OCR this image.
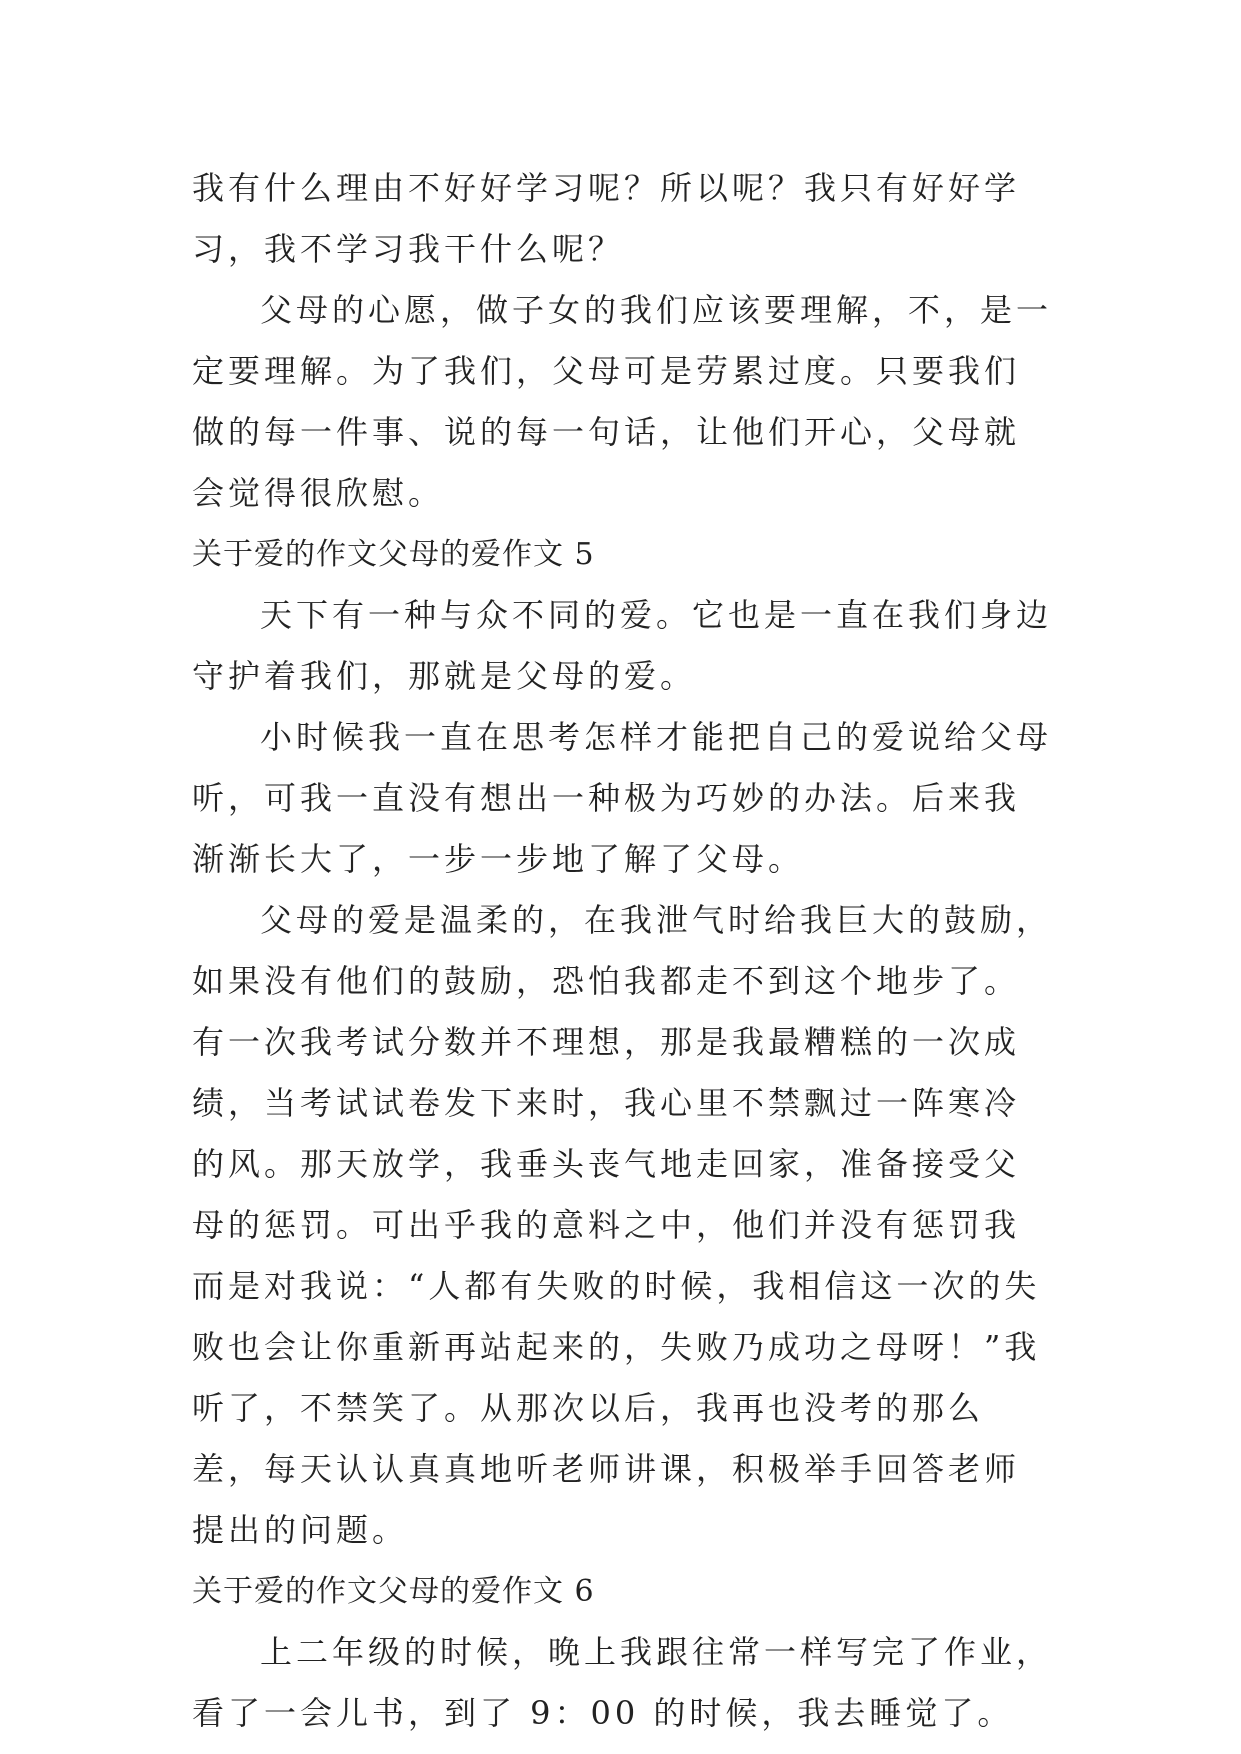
我有什么理由不好好学习呢？所以呢？我只有好好学习，我不学习我干什么呢？

父母的心愿，做子女的我们应该要理解，不，是一定要理解。为了我们，父母可是劳累过度。只要我们做的每一件事、说的每一句话，让他们开心，父母就会觉得很欣慰。

关于爱的作文父母的爱作文 5

天下有一种与众不同的爱。它也是一直在我们身边守护着我们，那就是父母的爱。

小时候我一直在思考怎样才能把自己的爱说给父母听，可我一直没有想出一种极为巧妙的办法。后来我渐渐长大了，一步一步地了解了父母。

父母的爱是温柔的，在我泄气时给我巨大的鼓励，如果没有他们的鼓励，恐怕我都走不到这个地步了。有一次我考试分数并不理想，那是我最糟糕的一次成绩，当考试试卷发下来时，我心里不禁飘过一阵寒冷的风。那天放学，我垂头丧气地走回家，准备接受父母的惩罚。可出乎我的意料之中，他们并没有惩罚我而是对我说：“人都有失败的时候，我相信这一次的失败也会让你重新再站起来的，失败乃成功之母呀！”我听了，不禁笑了。从那次以后，我再也没考的那么差，每天认认真真地听老师讲课，积极举手回答老师提出的问题。

关于爱的作文父母的爱作文 6

上二年级的时候，晚上我跟往常一样写完了作业，看了一会儿书，到了 9：00 的时候，我去睡觉了。
